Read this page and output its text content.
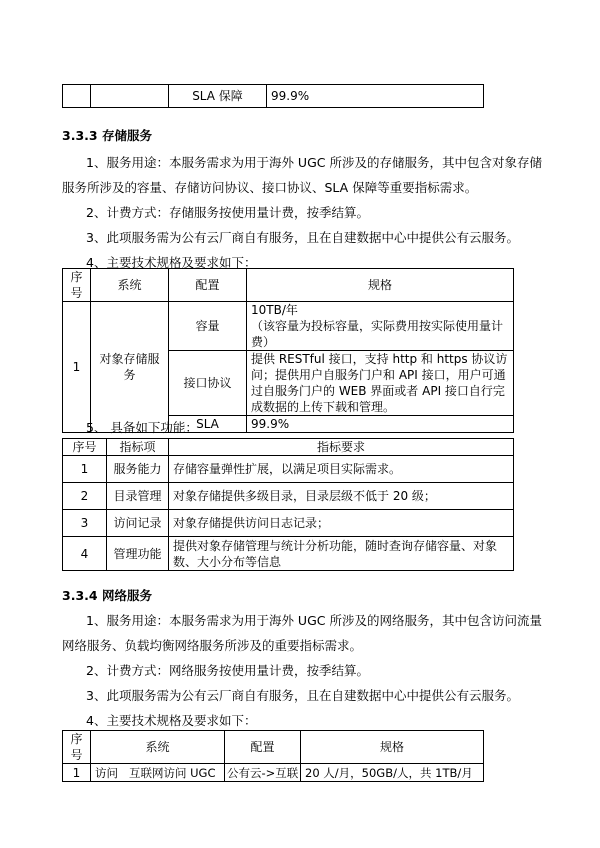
		SLA 保障	99.9%
3.3.3 存储服务

1、服务用途：本服务需求为用于海外 UGC 所涉及的存储服务，其中包含对象存储服务所涉及的容量、存储访问协议、接口协议、SLA 保障等重要指标需求。

2、计费方式：存储服务按使用量计费，按季结算。

3、此项服务需为公有云厂商自有服务，且在自建数据中心中提供公有云服务。

4、主要技术规格及要求如下：

序号	系统	配置	规格
1	对象存储服务	容量	10TB/年
（该容量为投标容量，实际费用按实际使用量计费）
		接口协议	提供 RESTful 接口，支持 http 和 https 协议访问；提供用户自服务门户和 API 接口，用户可通过自服务门户的 WEB 界面或者 API 接口自行完成数据的上传下载和管理。
		SLA	99.9%
5、 具备如下功能：
序号	指标项	指标要求
1	服务能力	存储容量弹性扩展，以满足项目实际需求。
2	目录管理	对象存储提供多级目录，目录层级不低于 20 级；
3	访问记录	对象存储提供访问日志记录；
4	管理功能	提供对象存储管理与统计分析功能，随时查询存储容量、对象数、大小分布等信息
3.3.4 网络服务

1、服务用途：本服务需求为用于海外 UGC 所涉及的网络服务，其中包含访问流量网络服务、负载均衡网络服务所涉及的重要指标需求。

2、计费方式：网络服务按使用量计费，按季结算。

3、此项服务需为公有云厂商自有服务，且在自建数据中心中提供公有云服务。

4、主要技术规格及要求如下：

序号	系统	配置	规格
1	访问   互联网访问 UGC	公有云->互联	20 人/月，50GB/人，共 1TB/月
